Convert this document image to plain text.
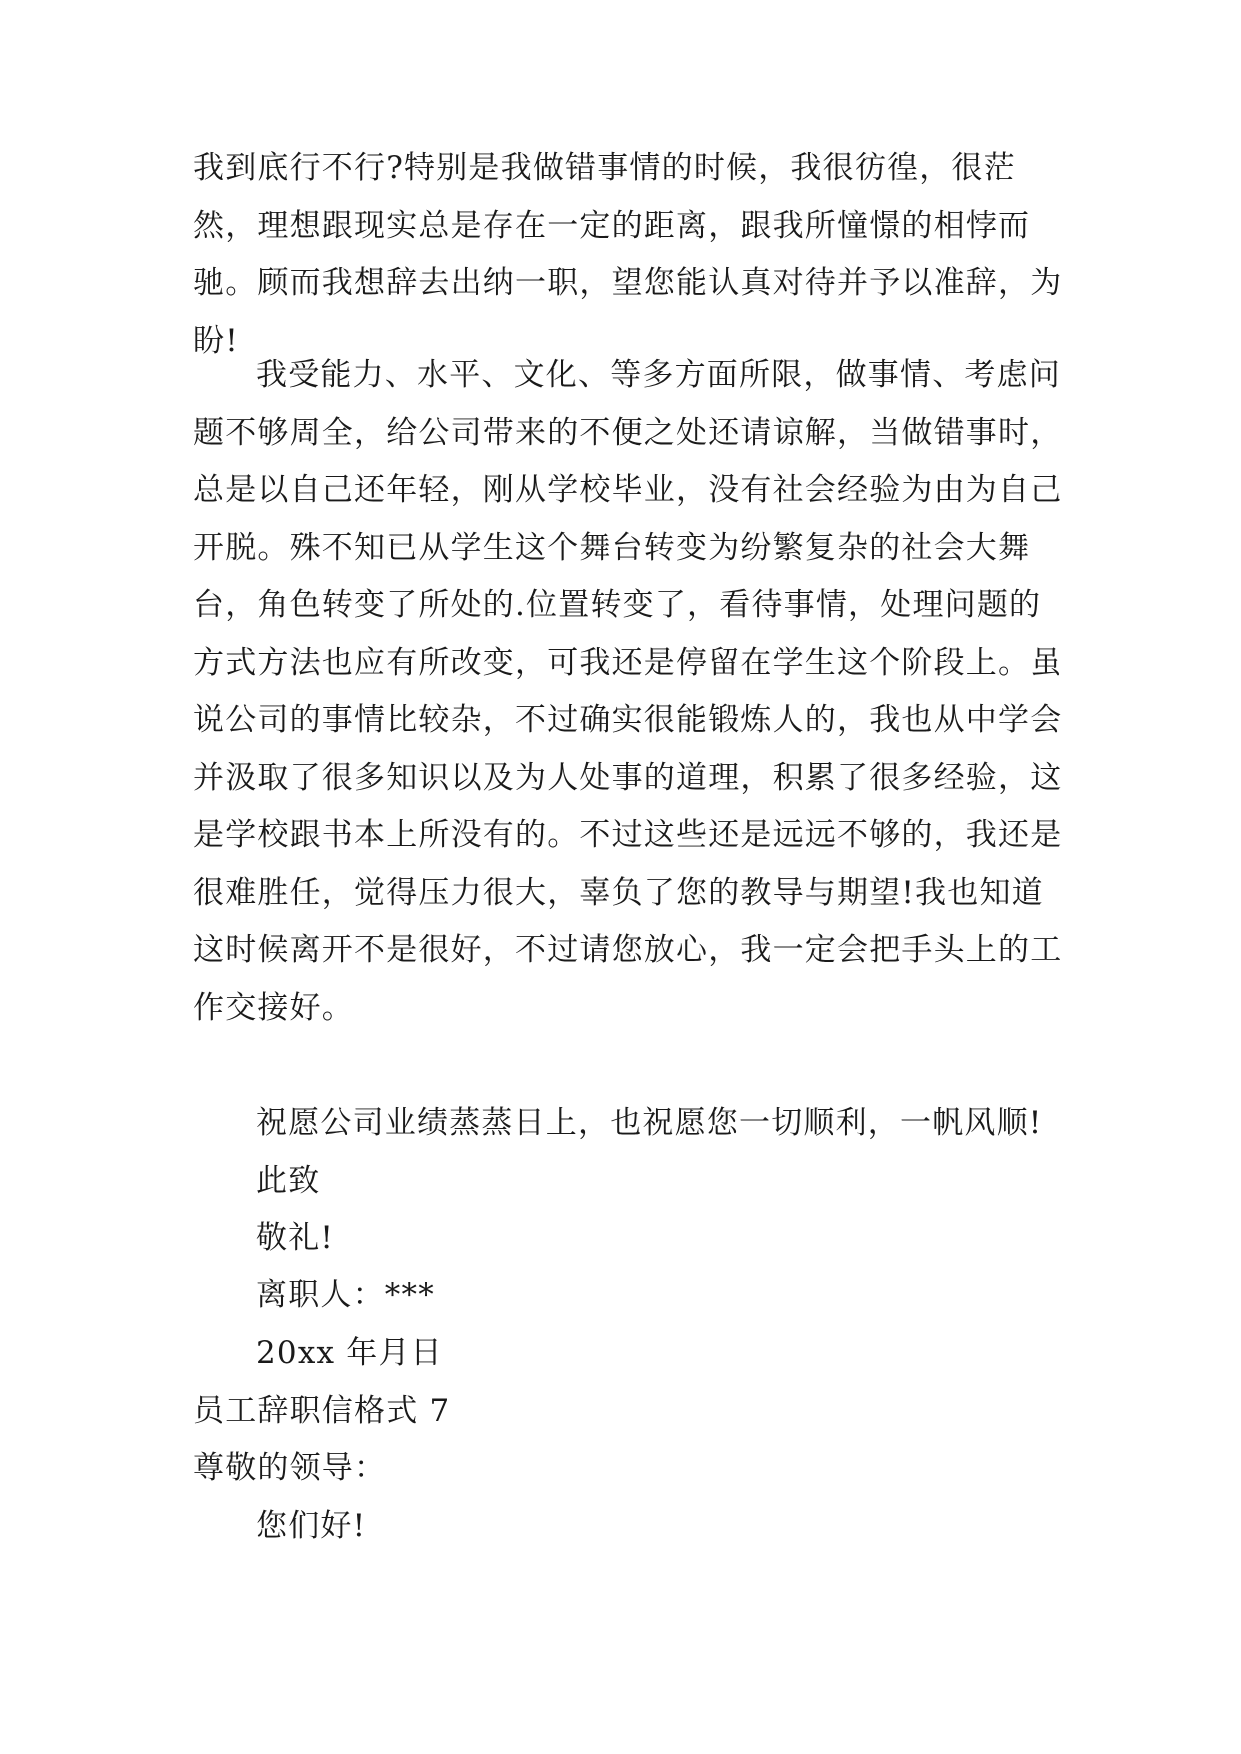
我到底行不行?特别是我做错事情的时候，我很彷徨，很茫然，理想跟现实总是存在一定的距离，跟我所憧憬的相悖而驰。顾而我想辞去出纳一职，望您能认真对待并予以准辞，为盼!

我受能力、水平、文化、等多方面所限，做事情、考虑问题不够周全，给公司带来的不便之处还请谅解，当做错事时，总是以自己还年轻，刚从学校毕业，没有社会经验为由为自己开脱。殊不知已从学生这个舞台转变为纷繁复杂的社会大舞台，角色转变了所处的.位置转变了，看待事情，处理问题的方式方法也应有所改变，可我还是停留在学生这个阶段上。虽说公司的事情比较杂，不过确实很能锻炼人的，我也从中学会并汲取了很多知识以及为人处事的道理，积累了很多经验，这是学校跟书本上所没有的。不过这些还是远远不够的，我还是很难胜任，觉得压力很大，辜负了您的教导与期望!我也知道这时候离开不是很好，不过请您放心，我一定会把手头上的工作交接好。

祝愿公司业绩蒸蒸日上，也祝愿您一切顺利，一帆风顺!
此致
敬礼!
离职人：***
20xx 年月日
员工辞职信格式 7
尊敬的领导：
您们好!
